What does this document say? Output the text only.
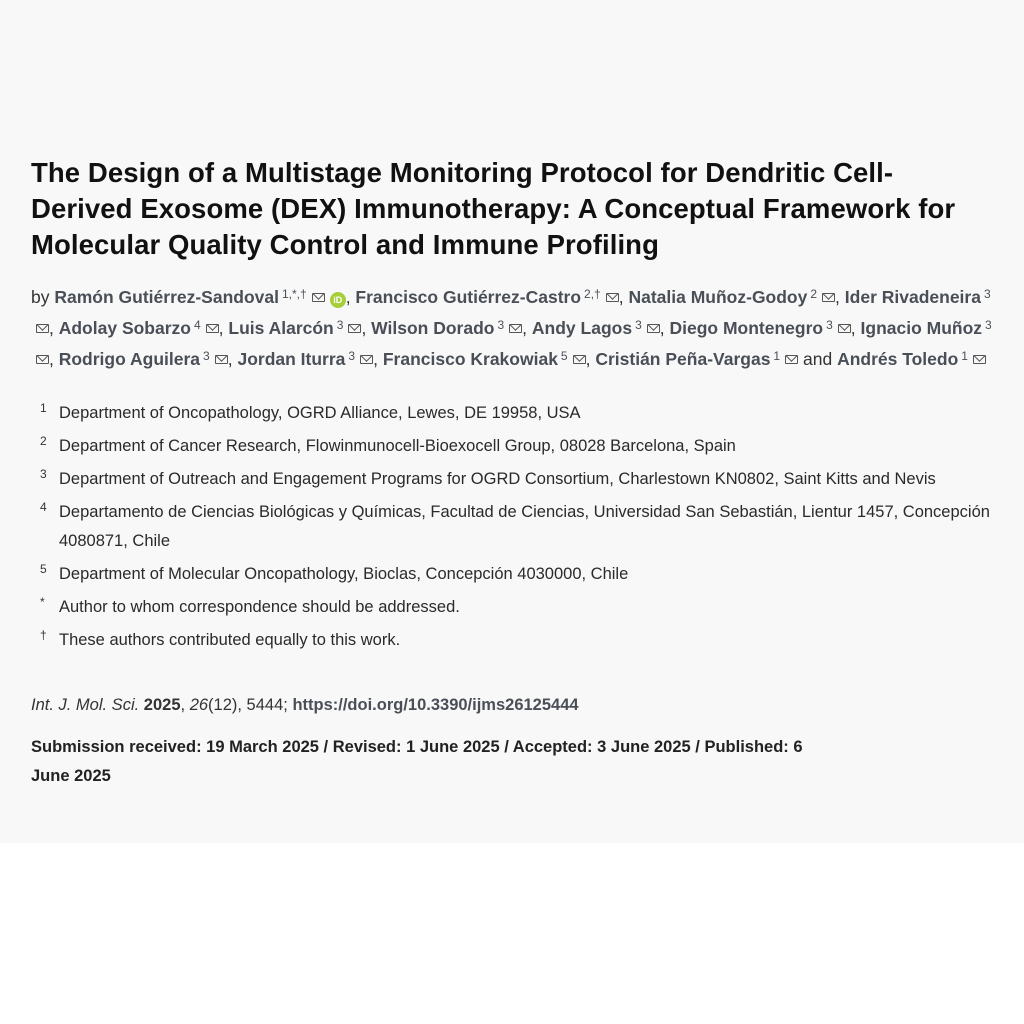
The Design of a Multistage Monitoring Protocol for Dendritic Cell-Derived Exosome (DEX) Immunotherapy: A Conceptual Framework for Molecular Quality Control and Immune Profiling
by Ramón Gutiérrez-Sandoval $^{1,*,\dagger}$	iD , Francisco Gutiérrez-Castro $^{2,\dagger}$ , Natalia Muñoz-Godoy $^2$ , Ider Rivadeneira $^3$, Adolay Sobarzo $^4$ , Luis Alarcón $^3$ , Wilson Dorado $^3$ , Andy Lagos $^3$ , Diego Montenegro $^3$ , Ignacio Muñoz $^3$, Rodrigo Aguilera $^3$ , Jordan Iturra $^3$ , Francisco Krakowiak $^5$ , Cristián Peña-Vargas $^1$ and Andrés Toledo $^1$
1 Department of Oncopathology, OGRD Alliance, Lewes, DE 19958, USA
2 Department of Cancer Research, Flowinmunocell-Bioexocell Group, 08028 Barcelona, Spain
3 Department of Outreach and Engagement Programs for OGRD Consortium, Charlestown KN0802, Saint Kitts and Nevis
4 Departamento de Ciencias Biológicas y Químicas, Facultad de Ciencias, Universidad San Sebastián, Lientur 1457, Concepción 4080871, Chile
5 Department of Molecular Oncopathology, Bioclas, Concepción 4030000, Chile
* Author to whom correspondence should be addressed.
† These authors contributed equally to this work.
Int. J. Mol. Sci. 2025, 26(12), 5444; https://doi.org/10.3390/ijms26125444
Submission received: 19 March 2025 / Revised: 1 June 2025 / Accepted: 3 June 2025 / Published: 6 June 2025
